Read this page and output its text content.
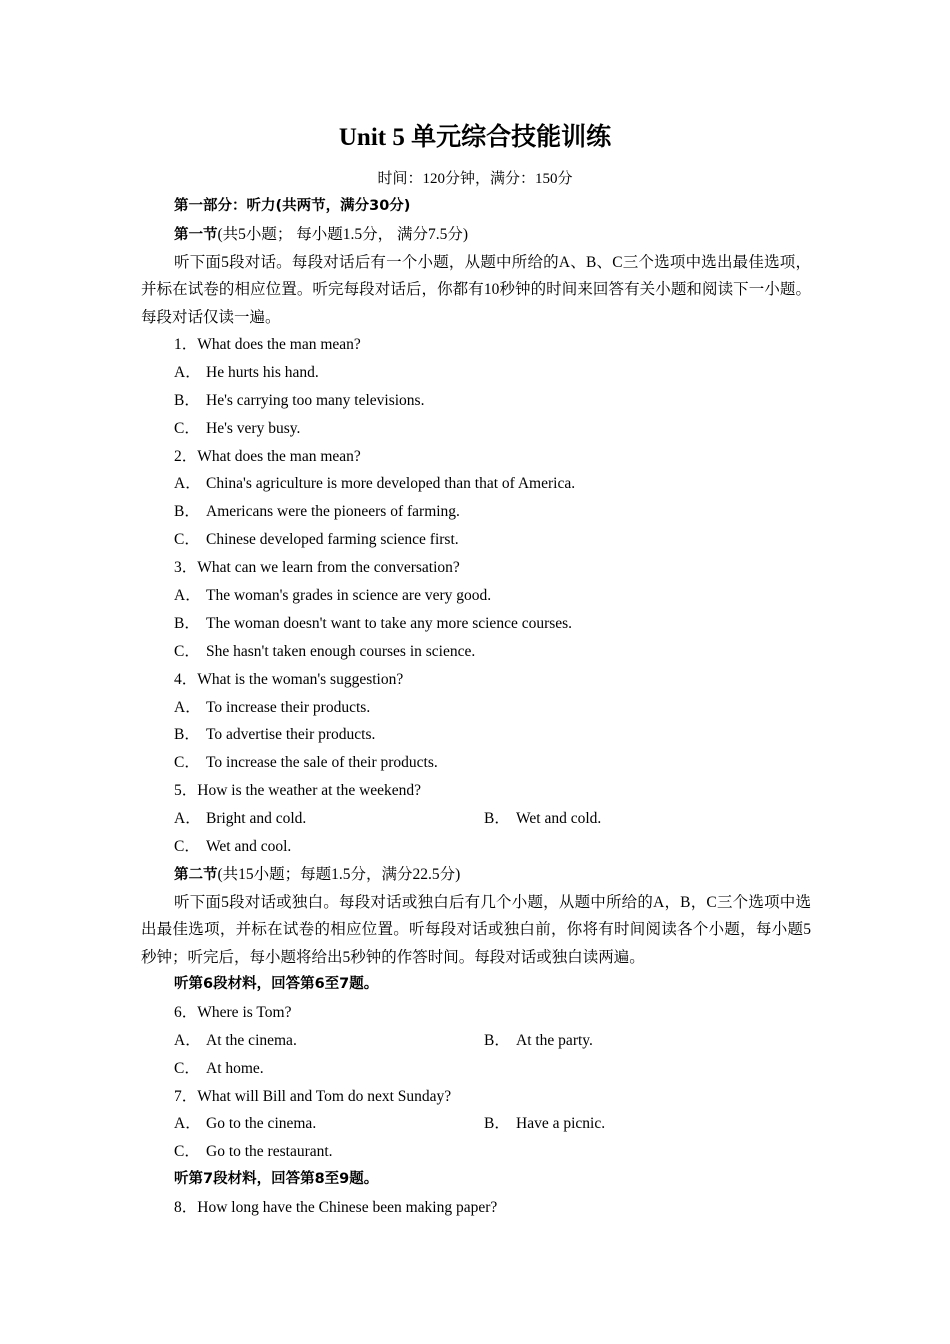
Unit 5 单元综合技能训练
时间：120分钟，满分：150分
第一部分：听力(共两节，满分30分)
第一节(共5小题； 每小题1.5分， 满分7.5分)

听下面5段对话。每段对话后有一个小题，从题中所给的A、B、C三个选项中选出最佳选项，并标在试卷的相应位置。听完每段对话后，你都有10秒钟的时间来回答有关小题和阅读下一小题。每段对话仅读一遍。

1．What does the man mean?
A． He hurts his hand.
B． He's carrying too many televisions.
C． He's very busy.
2．What does the man mean?
A． China's agriculture is more developed than that of America.
B． Americans were the pioneers of farming.
C． Chinese developed farming science first.
3．What can we learn from the conversation?
A． The woman's grades in science are very good.
B． The woman doesn't want to take any more science courses.
C． She hasn't taken enough courses in science.
4．What is the woman's suggestion?
A． To increase their products.
B． To advertise their products.
C． To increase the sale of their products.
5．How is the weather at the weekend?
A． Bright and cold.	B． Wet and cold.
C． Wet and cool.
第二节(共15小题；每题1.5分，满分22.5分)

听下面5段对话或独白。每段对话或独白后有几个小题，从题中所给的A，B，C三个选项中选出最佳选项，并标在试卷的相应位置。听每段对话或独白前，你将有时间阅读各个小题，每小题5秒钟；听完后，每小题将给出5秒钟的作答时间。每段对话或独白读两遍。

听第6段材料，回答第6至7题。
6．Where is Tom?
A． At the cinema.	B． At the party.
C． At home.
7．What will Bill and Tom do next Sunday?
A． Go to the cinema.	B． Have a picnic.
C． Go to the restaurant.
听第7段材料，回答第8至9题。
8．How long have the Chinese been making paper?
